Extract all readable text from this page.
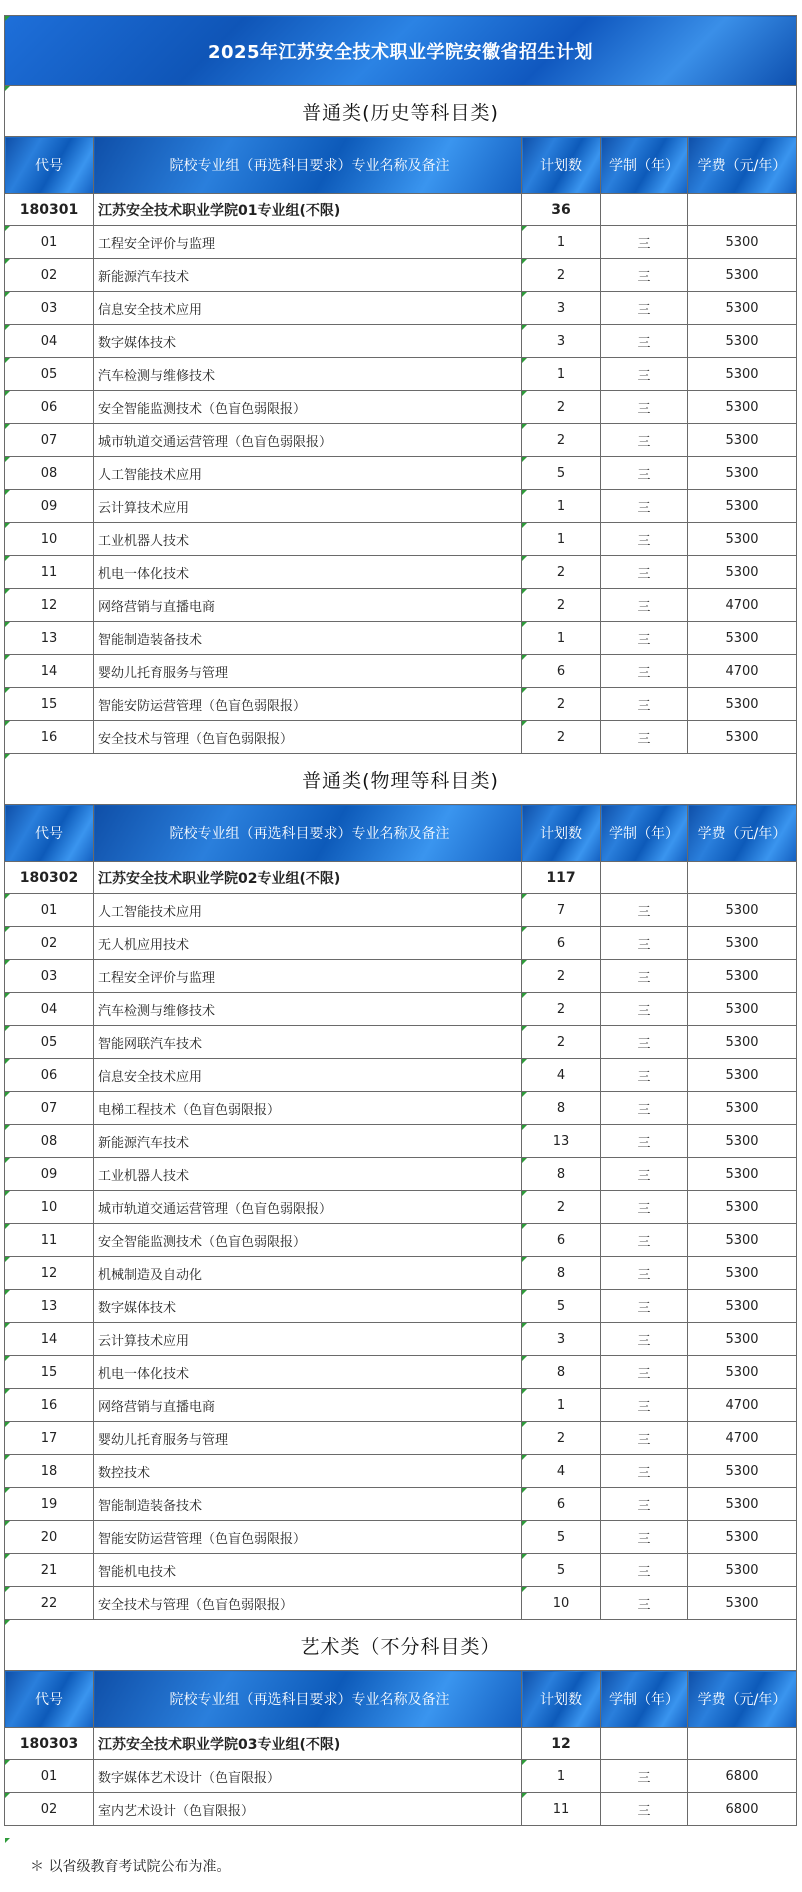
2025年江苏安全技术职业学院安徽省招生计划				
普通类(历史等科目类)				
代号	院校专业组（再选科目要求）专业名称及备注	计划数	学制（年）	学费（元/年）
180301	江苏安全技术职业学院01专业组(不限)	36		
01	工程安全评价与监理	1	三	5300
02	新能源汽车技术	2	三	5300
03	信息安全技术应用	3	三	5300
04	数字媒体技术	3	三	5300
05	汽车检测与维修技术	1	三	5300
06	安全智能监测技术（色盲色弱限报）	2	三	5300
07	城市轨道交通运营管理（色盲色弱限报）	2	三	5300
08	人工智能技术应用	5	三	5300
09	云计算技术应用	1	三	5300
10	工业机器人技术	1	三	5300
11	机电一体化技术	2	三	5300
12	网络营销与直播电商	2	三	4700
13	智能制造装备技术	1	三	5300
14	婴幼儿托育服务与管理	6	三	4700
15	智能安防运营管理（色盲色弱限报）	2	三	5300
16	安全技术与管理（色盲色弱限报）	2	三	5300
普通类(物理等科目类)				
代号	院校专业组（再选科目要求）专业名称及备注	计划数	学制（年）	学费（元/年）
180302	江苏安全技术职业学院02专业组(不限)	117		
01	人工智能技术应用	7	三	5300
02	无人机应用技术	6	三	5300
03	工程安全评价与监理	2	三	5300
04	汽车检测与维修技术	2	三	5300
05	智能网联汽车技术	2	三	5300
06	信息安全技术应用	4	三	5300
07	电梯工程技术（色盲色弱限报）	8	三	5300
08	新能源汽车技术	13	三	5300
09	工业机器人技术	8	三	5300
10	城市轨道交通运营管理（色盲色弱限报）	2	三	5300
11	安全智能监测技术（色盲色弱限报）	6	三	5300
12	机械制造及自动化	8	三	5300
13	数字媒体技术	5	三	5300
14	云计算技术应用	3	三	5300
15	机电一体化技术	8	三	5300
16	网络营销与直播电商	1	三	4700
17	婴幼儿托育服务与管理	2	三	4700
18	数控技术	4	三	5300
19	智能制造装备技术	6	三	5300
20	智能安防运营管理（色盲色弱限报）	5	三	5300
21	智能机电技术	5	三	5300
22	安全技术与管理（色盲色弱限报）	10	三	5300
艺术类（不分科目类）				
代号	院校专业组（再选科目要求）专业名称及备注	计划数	学制（年）	学费（元/年）
180303	江苏安全技术职业学院03专业组(不限)	12		
01	数字媒体艺术设计（色盲限报）	1	三	6800
02	室内艺术设计（色盲限报）	11	三	6800
＊ 以省级教育考试院公布为准。
